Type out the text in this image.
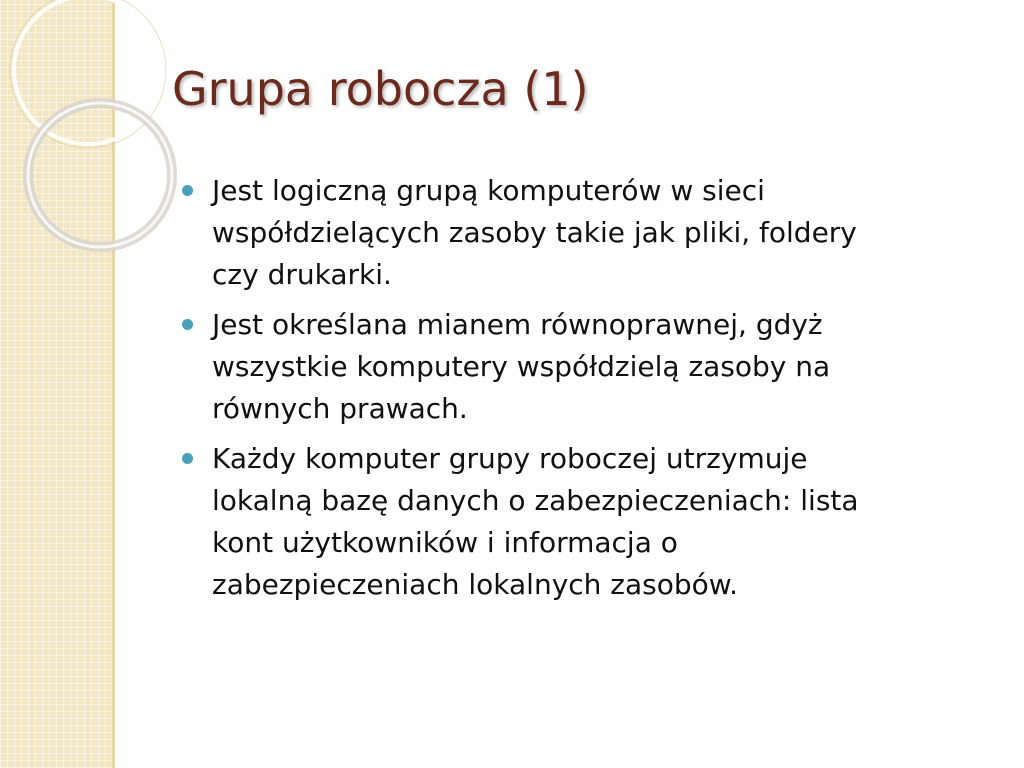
Grupa robocza (1)
Jest logiczną grupą komputerów w sieci
współdzielących zasoby takie jak pliki, foldery
czy drukarki.
Jest określana mianem równoprawnej, gdyż
wszystkie komputery współdzielą zasoby na
równych prawach.
Każdy komputer grupy roboczej utrzymuje
lokalną bazę danych o zabezpieczeniach: lista
kont użytkowników i informacja o
zabezpieczeniach lokalnych zasobów.
